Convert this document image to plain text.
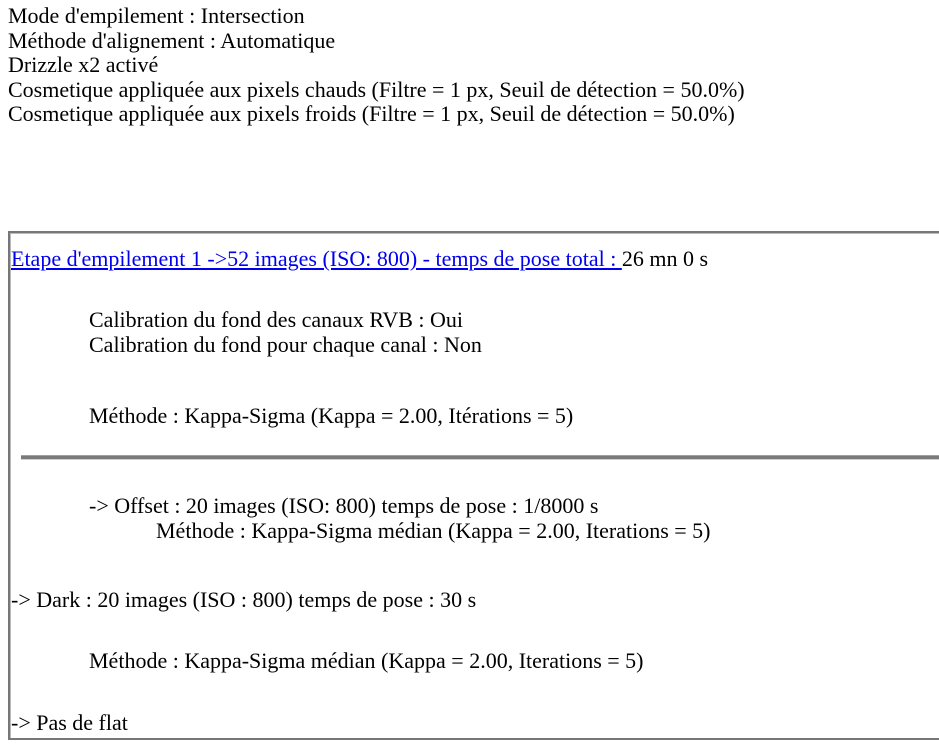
Mode d'empilement : Intersection
Méthode d'alignement : Automatique
Drizzle x2 activé
Cosmetique appliquée aux pixels chauds (Filtre = 1 px, Seuil de détection = 50.0%)
Cosmetique appliquée aux pixels froids (Filtre = 1 px, Seuil de détection = 50.0%)
Etape d'empilement 1 ->52 images (ISO: 800) - temps de pose total : 26 mn 0 s
Calibration du fond des canaux RVB : Oui
Calibration du fond pour chaque canal : Non
Méthode : Kappa-Sigma (Kappa = 2.00, Itérations = 5)
-> Offset : 20 images (ISO: 800) temps de pose : 1/8000 s
Méthode : Kappa-Sigma médian (Kappa = 2.00, Iterations = 5)
-> Dark : 20 images (ISO : 800) temps de pose : 30 s
Méthode : Kappa-Sigma médian (Kappa = 2.00, Iterations = 5)
-> Pas de flat
